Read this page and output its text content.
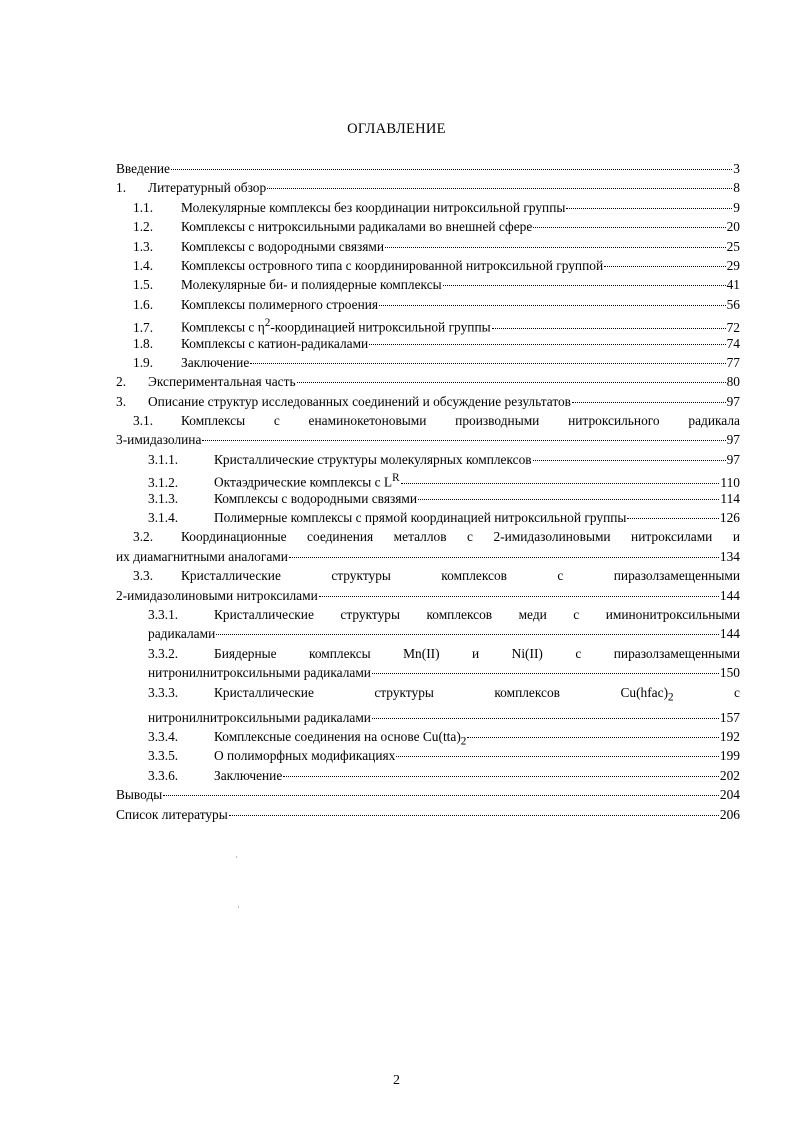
ОГЛАВЛЕНИЕ
Введение	3
1.	Литературный обзор	8
1.1.	Молекулярные комплексы без координации нитроксильной группы	9
1.2.	Комплексы с нитроксильными радикалами во внешней сфере	20
1.3.	Комплексы с водородными связями	25
1.4.	Комплексы островного типа с координированной нитроксильной группой	29
1.5.	Молекулярные би- и полиядерные комплексы	41
1.6.	Комплексы полимерного строения	56
1.7.	Комплексы с $\eta^2$-координацией нитроксильной группы	72
1.8.	Комплексы с катион-радикалами	74
1.9.	Заключение	77
2.	Экспериментальная часть	80
3.	Описание структур исследованных соединений и обсуждение результатов	97
3.1. Комплексы с енаминокетоновыми производными нитроксильного радикала
3-имидазолина	97
3.1.1.	Кристаллические структуры молекулярных комплексов	97
3.1.2.	Октаэдрические комплексы с $L^R$	110
3.1.3.	Комплексы с водородными связями	114
3.1.4.	Полимерные комплексы с прямой координацией нитроксильной группы	126
3.2. Координационные соединения металлов с 2-имидазолиновыми нитроксилами и
их диамагнитными аналогами	134
3.3. Кристаллические структуры комплексов с пиразолзамещенными
2-имидазолиновыми нитроксилами	144
3.3.1.	Кристаллические структуры комплексов меди с иминонитроксильными
радикалами	144
3.3.2.	Биядерные комплексы Mn(II) и Ni(II) с пиразолзамещенными
нитронилнитроксильными радикалами	150
3.3.3.	Кристаллические структуры комплексов $Cu(hfac)_2$ с
нитронилнитроксильными радикалами	157
3.3.4.	Комплексные соединения на основе $Cu(tta)_2$	192
3.3.5.	О полиморфных модификациях	199
3.3.6.	Заключение	202
Выводы	204
Список литературы	206
2
